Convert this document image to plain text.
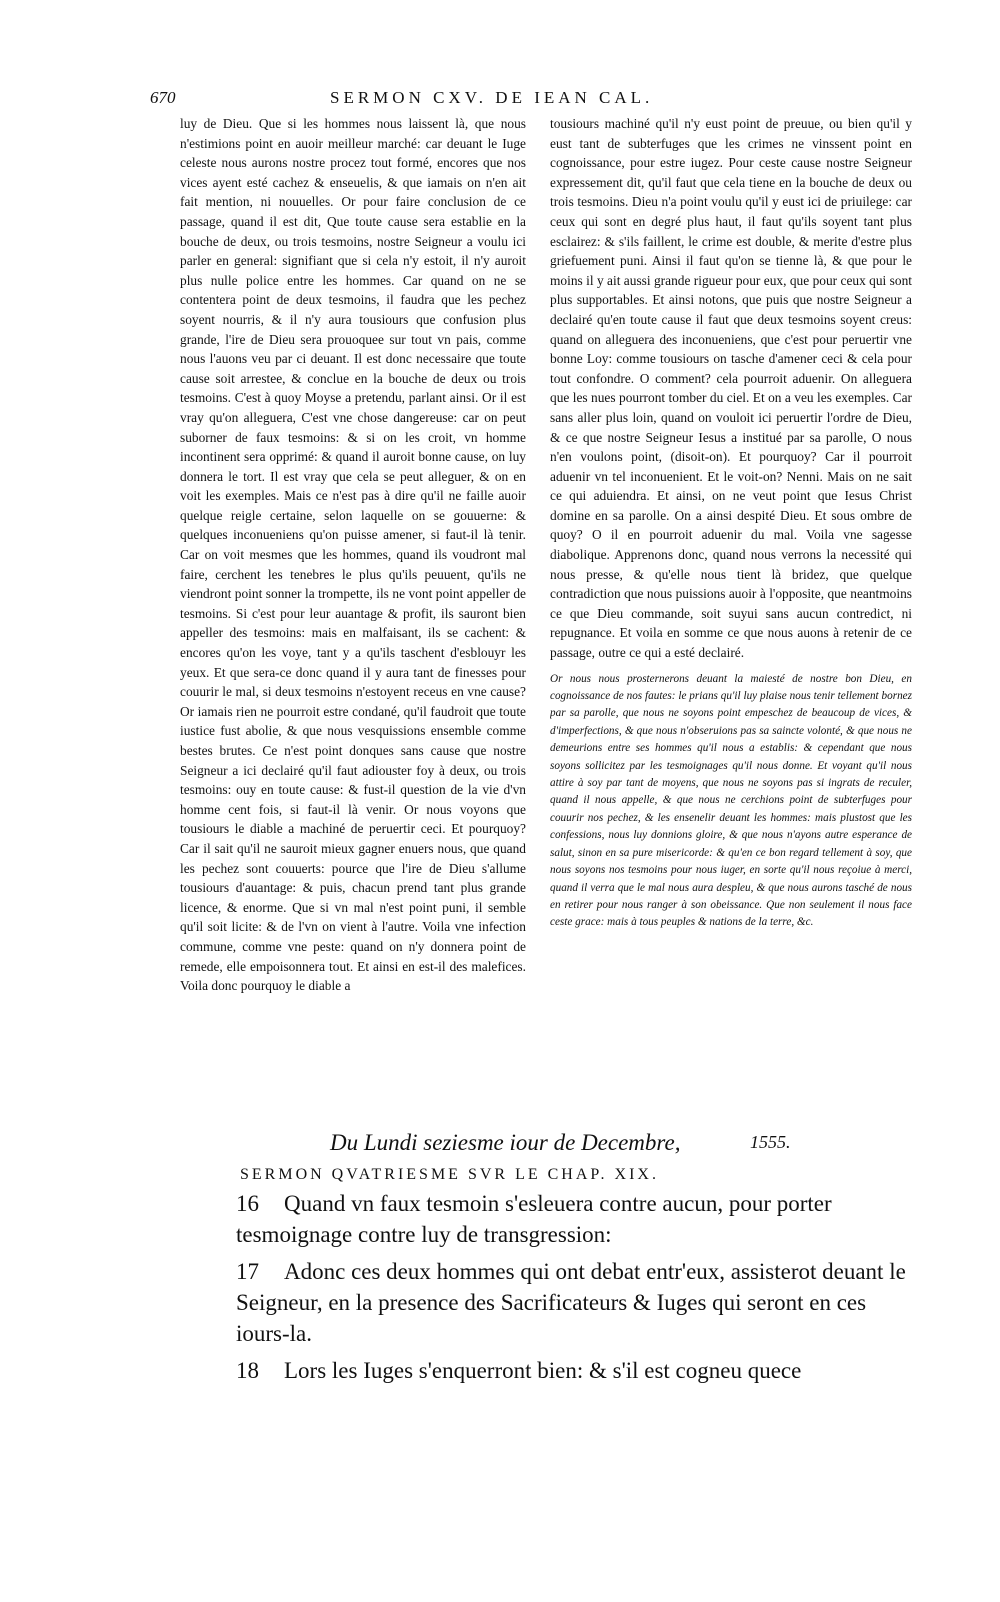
670	SERMON CXV. DE IEAN CAL.

luy de Dieu. Que si les hommes nous laissent là, que nous n'estimions point en auoir meilleur marché: car deuant le Iuge celeste nous aurons nostre procez tout formé, encores que nos vices ayent esté cachez & enseuelis, & que iamais on n'en ait fait mention, ni nouuelles. Or pour faire conclusion de ce passage, quand il est dit, Que toute cause sera establie en la bouche de deux, ou trois tesmoins, nostre Seigneur a voulu ici parler en general: signifiant que si cela n'y estoit, il n'y auroit plus nulle police entre les hommes. Car quand on ne se contentera point de deux tesmoins, il faudra que les pechez soyent nourris, & il n'y aura tousiours que confusion plus grande, l'ire de Dieu sera prouoquee sur tout vn pais, comme nous l'auons veu par ci deuant. Il est donc necessaire que toute cause soit arrestee, & conclue en la bouche de deux ou trois tesmoins. C'est à quoy Moyse a pretendu, parlant ainsi. Or il est vray qu'on alleguera, C'est vne chose dangereuse: car on peut suborner de faux tesmoins: & si on les croit, vn homme incontinent sera opprimé: & quand il auroit bonne cause, on luy donnera le tort. Il est vray que cela se peut alleguer, & on en voit les exemples. Mais ce n'est pas à dire qu'il ne faille auoir quelque reigle certaine, selon laquelle on se gouuerne: & quelques inconueniens qu'on puisse amener, si faut-il là tenir. Car on voit mesmes que les hommes, quand ils voudront mal faire, cerchent les tenebres le plus qu'ils peuuent, qu'ils ne viendront point sonner la trompette, ils ne vont point appeller de tesmoins. Si c'est pour leur auantage & profit, ils sauront bien appeller des tesmoins: mais en malfaisant, ils se cachent: & encores qu'on les voye, tant y a qu'ils taschent d'esblouyr les yeux. Et que sera-ce donc quand il y aura tant de finesses pour couurir le mal, si deux tesmoins n'estoyent receus en vne cause? Or iamais rien ne pourroit estre condané, qu'il faudroit que toute iustice fust abolie, & que nous vesquissions ensemble comme bestes brutes. Ce n'est point donques sans cause que nostre Seigneur a ici declairé qu'il faut adiouster foy à deux, ou trois tesmoins: ouy en toute cause: & fust-il question de la vie d'vn homme cent fois, si faut-il là venir. Or nous voyons que tousiours le diable a machiné de peruertir ceci. Et pourquoy? Car il sait qu'il ne sauroit mieux gagner enuers nous, que quand les pechez sont couuerts: pource que l'ire de Dieu s'allume tousiours d'auantage: & puis, chacun prend tant plus grande licence, & enorme. Que si vn mal n'est point puni, il semble qu'il soit licite: & de l'vn on vient à l'autre. Voila vne infection commune, comme vne peste: quand on n'y donnera point de remede, elle empoisonnera tout. Et ainsi en est-il des malefices. Voila donc pourquoy le diable a

tousiours machiné qu'il n'y eust point de preuue, ou bien qu'il y eust tant de subterfuges que les crimes ne vinssent point en cognoissance, pour estre iugez. Pour ceste cause nostre Seigneur expressement dit, qu'il faut que cela tiene en la bouche de deux ou trois tesmoins. Dieu n'a point voulu qu'il y eust ici de priuilege: car ceux qui sont en degré plus haut, il faut qu'ils soyent tant plus esclairez: & s'ils faillent, le crime est double, & merite d'estre plus griefuement puni. Ainsi il faut qu'on se tienne là, & que pour le moins il y ait aussi grande rigueur pour eux, que pour ceux qui sont plus supportables. Et ainsi notons, que puis que nostre Seigneur a declairé qu'en toute cause il faut que deux tesmoins soyent creus: quand on alleguera des inconueniens, que c'est pour peruertir vne bonne Loy: comme tousiours on tasche d'amener ceci & cela pour tout confondre. O comment? cela pourroit aduenir. On alleguera que les nues pourront tomber du ciel. Et on a veu les exemples. Car sans aller plus loin, quand on vouloit ici peruertir l'ordre de Dieu, & ce que nostre Seigneur Iesus a institué par sa parolle, O nous n'en voulons point, (disoit-on). Et pourquoy? Car il pourroit aduenir vn tel inconuenient. Et le voit-on? Nenni. Mais on ne sait ce qui aduiendra. Et ainsi, on ne veut point que Iesus Christ domine en sa parolle. On a ainsi despité Dieu. Et sous ombre de quoy? O il en pourroit aduenir du mal. Voila vne sagesse diabolique. Apprenons donc, quand nous verrons la necessité qui nous presse, & qu'elle nous tient là bridez, que quelque contradiction que nous puissions auoir à l'opposite, que neantmoins ce que Dieu commande, soit suyui sans aucun contredict, ni repugnance. Et voila en somme ce que nous auons à retenir de ce passage, outre ce qui a esté declairé.

Or nous nous prosternerons deuant la maiesté de nostre bon Dieu, en cognoissance de nos fautes: le prians qu'il luy plaise nous tenir tellement bornez par sa parolle, que nous ne soyons point empeschez de beaucoup de vices, & d'imperfections, & que nous n'obseruions pas sa saincte volonté, & que nous ne demeurions entre ses hommes qu'il nous a establis: & cependant que nous soyons sollicitez par les tesmoignages qu'il nous donne. Et voyant qu'il nous attire à soy par tant de moyens, que nous ne soyons pas si ingrats de reculer, quand il nous appelle, & que nous ne cerchions point de subterfuges pour couurir nos pechez, & les ensenelir deuant les hommes: mais plustost que les confessions, nous luy donnions gloire, & que nous n'ayons autre esperance de salut, sinon en sa pure misericorde: & qu'en ce bon regard tellement à soy, que nous soyons nos tesmoins pour nous iuger, en sorte qu'il nous reçoiue à merci, quand il verra que le mal nous aura despleu, & que nous aurons tasché de nous en retirer pour nous ranger à son obeissance. Que non seulement il nous face ceste grace: mais à tous peuples & nations de la terre, &c.

Du Lundi seziesme iour de Decembre,	1555.
SERMON QVATRIESME SVR LE CHAP. XIX.
16 Quand vn faux tesmoin s'esleuera contre aucun, pour porter tesmoignage contre luy de transgression:
17 Adonc ces deux hommes qui ont debat entr'eux, assisterot deuant le Seigneur, en la presence des Sacrificateurs & Iuges qui seront en ces iours-la.
18 Lors les Iuges s'enquerront bien: & s'il est cogneu quece
